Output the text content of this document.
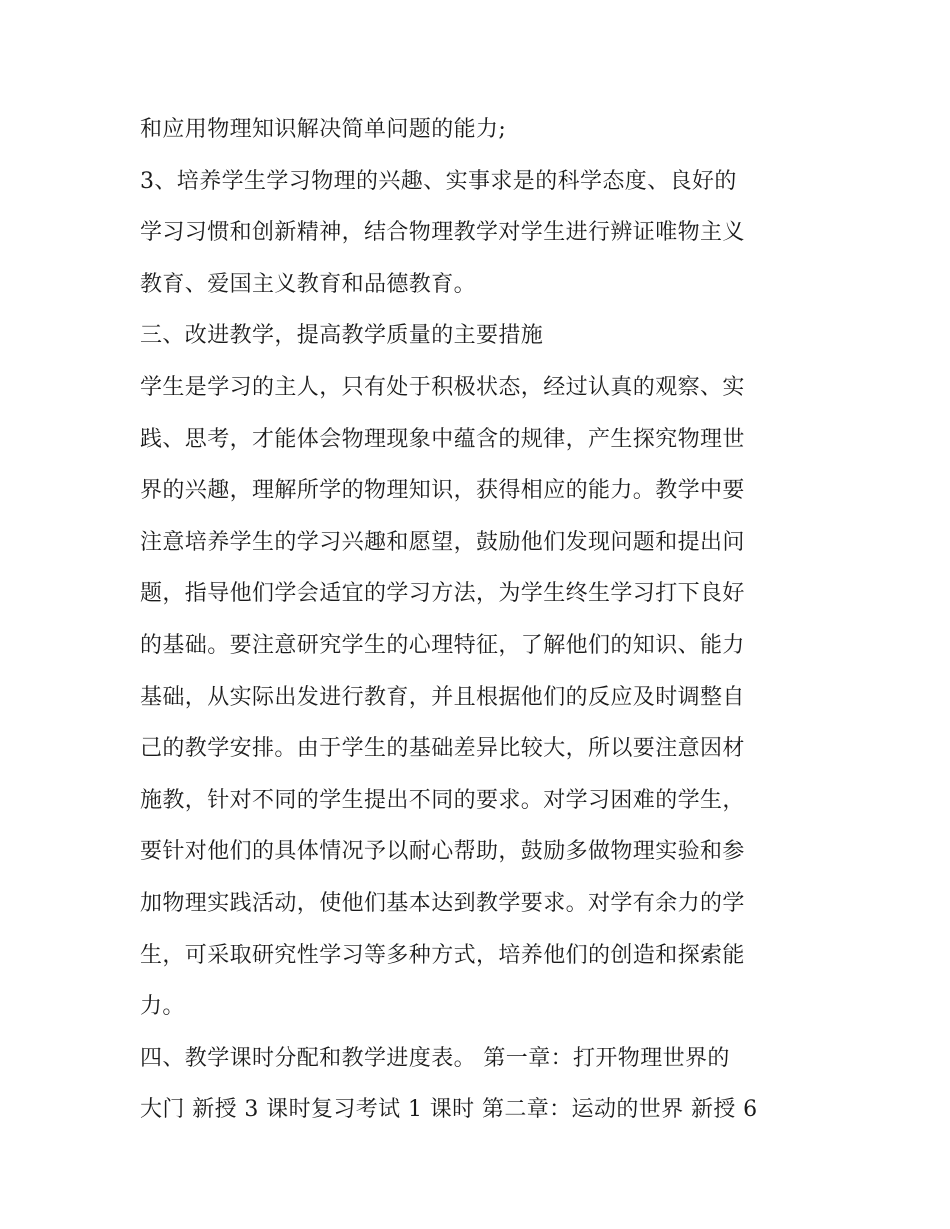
和应用物理知识解决简单问题的能力;
3、培养学生学习物理的兴趣、实事求是的科学态度、良好的
学习习惯和创新精神，结合物理教学对学生进行辨证唯物主义
教育、爱国主义教育和品德教育。
三、改进教学，提高教学质量的主要措施
学生是学习的主人，只有处于积极状态，经过认真的观察、实
践、思考，才能体会物理现象中蕴含的规律，产生探究物理世
界的兴趣，理解所学的物理知识，获得相应的能力。教学中要
注意培养学生的学习兴趣和愿望，鼓励他们发现问题和提出问
题，指导他们学会适宜的学习方法，为学生终生学习打下良好
的基础。要注意研究学生的心理特征，了解他们的知识、能力
基础，从实际出发进行教育，并且根据他们的反应及时调整自
己的教学安排。由于学生的基础差异比较大，所以要注意因材
施教，针对不同的学生提出不同的要求。对学习困难的学生，
要针对他们的具体情况予以耐心帮助，鼓励多做物理实验和参
加物理实践活动，使他们基本达到教学要求。对学有余力的学
生，可采取研究性学习等多种方式，培养他们的创造和探索能
力。
四、教学课时分配和教学进度表。 第一章：打开物理世界的
大门 新授 3 课时复习考试 1 课时 第二章：运动的世界 新授 6
